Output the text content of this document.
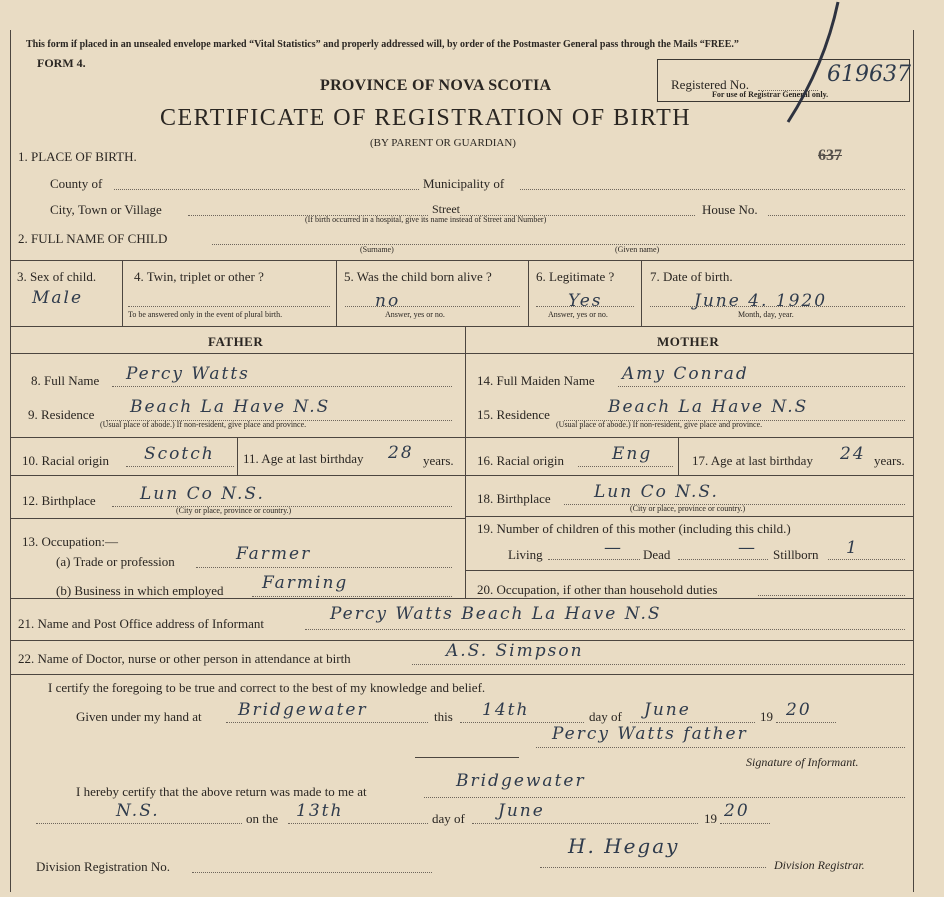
This form if placed in an unsealed envelope marked “Vital Statistics” and properly addressed will, by order of the Postmaster General pass through the Mails “FREE.”
FORM 4.
PROVINCE OF NOVA SCOTIA
CERTIFICATE OF REGISTRATION OF BIRTH
(BY PARENT OR GUARDIAN)
Registered No.
For use of Registrar General only.
619637
637
1. PLACE OF BIRTH.
County of	Municipality of
City, Town or Village	Street	House No.
(If birth occurred in a hospital, give its name instead of Street and Number)
2. FULL NAME OF CHILD
(Surname)	(Given name)
3. Sex of child.
Male
4. Twin, triplet or other ?
To be answered only in the event of plural birth.
5. Was the child born alive ?
no
Answer, yes or no.
6. Legitimate ?
Yes
Answer, yes or no.
7. Date of birth.
June 4. 1920
Month, day, year.
FATHER	MOTHER
8. Full Name Percy Watts
9. Residence Beach La Have N.S
(Usual place of abode.) If non-resident, give place and province.
10. Racial origin Scotch 11. Age at last birthday 28 years.
12. Birthplace	Lun Co N.S.
(City or place, province or country.)
13. Occupation:—
(a) Trade or profession	Farmer
(b) Business in which employed Farming
14. Full Maiden Name Amy Conrad
15. Residence	Beach La Have N.S
(Usual place of abode.) If non-resident, give place and province.
16. Racial origin	Eng	17. Age at last birthday 24 years.
18. Birthplace	Lun Co N.S.
(City or place, province or country.)
19. Number of children of this mother (including this child.)
Living	— Dead	— Stillborn 1
20. Occupation, if other than household duties
21. Name and Post Office address of Informant	Percy Watts Beach La Have N.S
22. Name of Doctor, nurse or other person in attendance at birth	A.S. Simpson
I certify the foregoing to be true and correct to the best of my knowledge and belief.
Given under my hand at Bridgewater	this 14th	day of June	19 20
Percy Watts father
Signature of Informant.
I hereby certify that the above return was made to me at
Bridgewater
N.S.	on the 13th	day of June	19 20
Division Registration No.
H. Hegay
Division Registrar.
